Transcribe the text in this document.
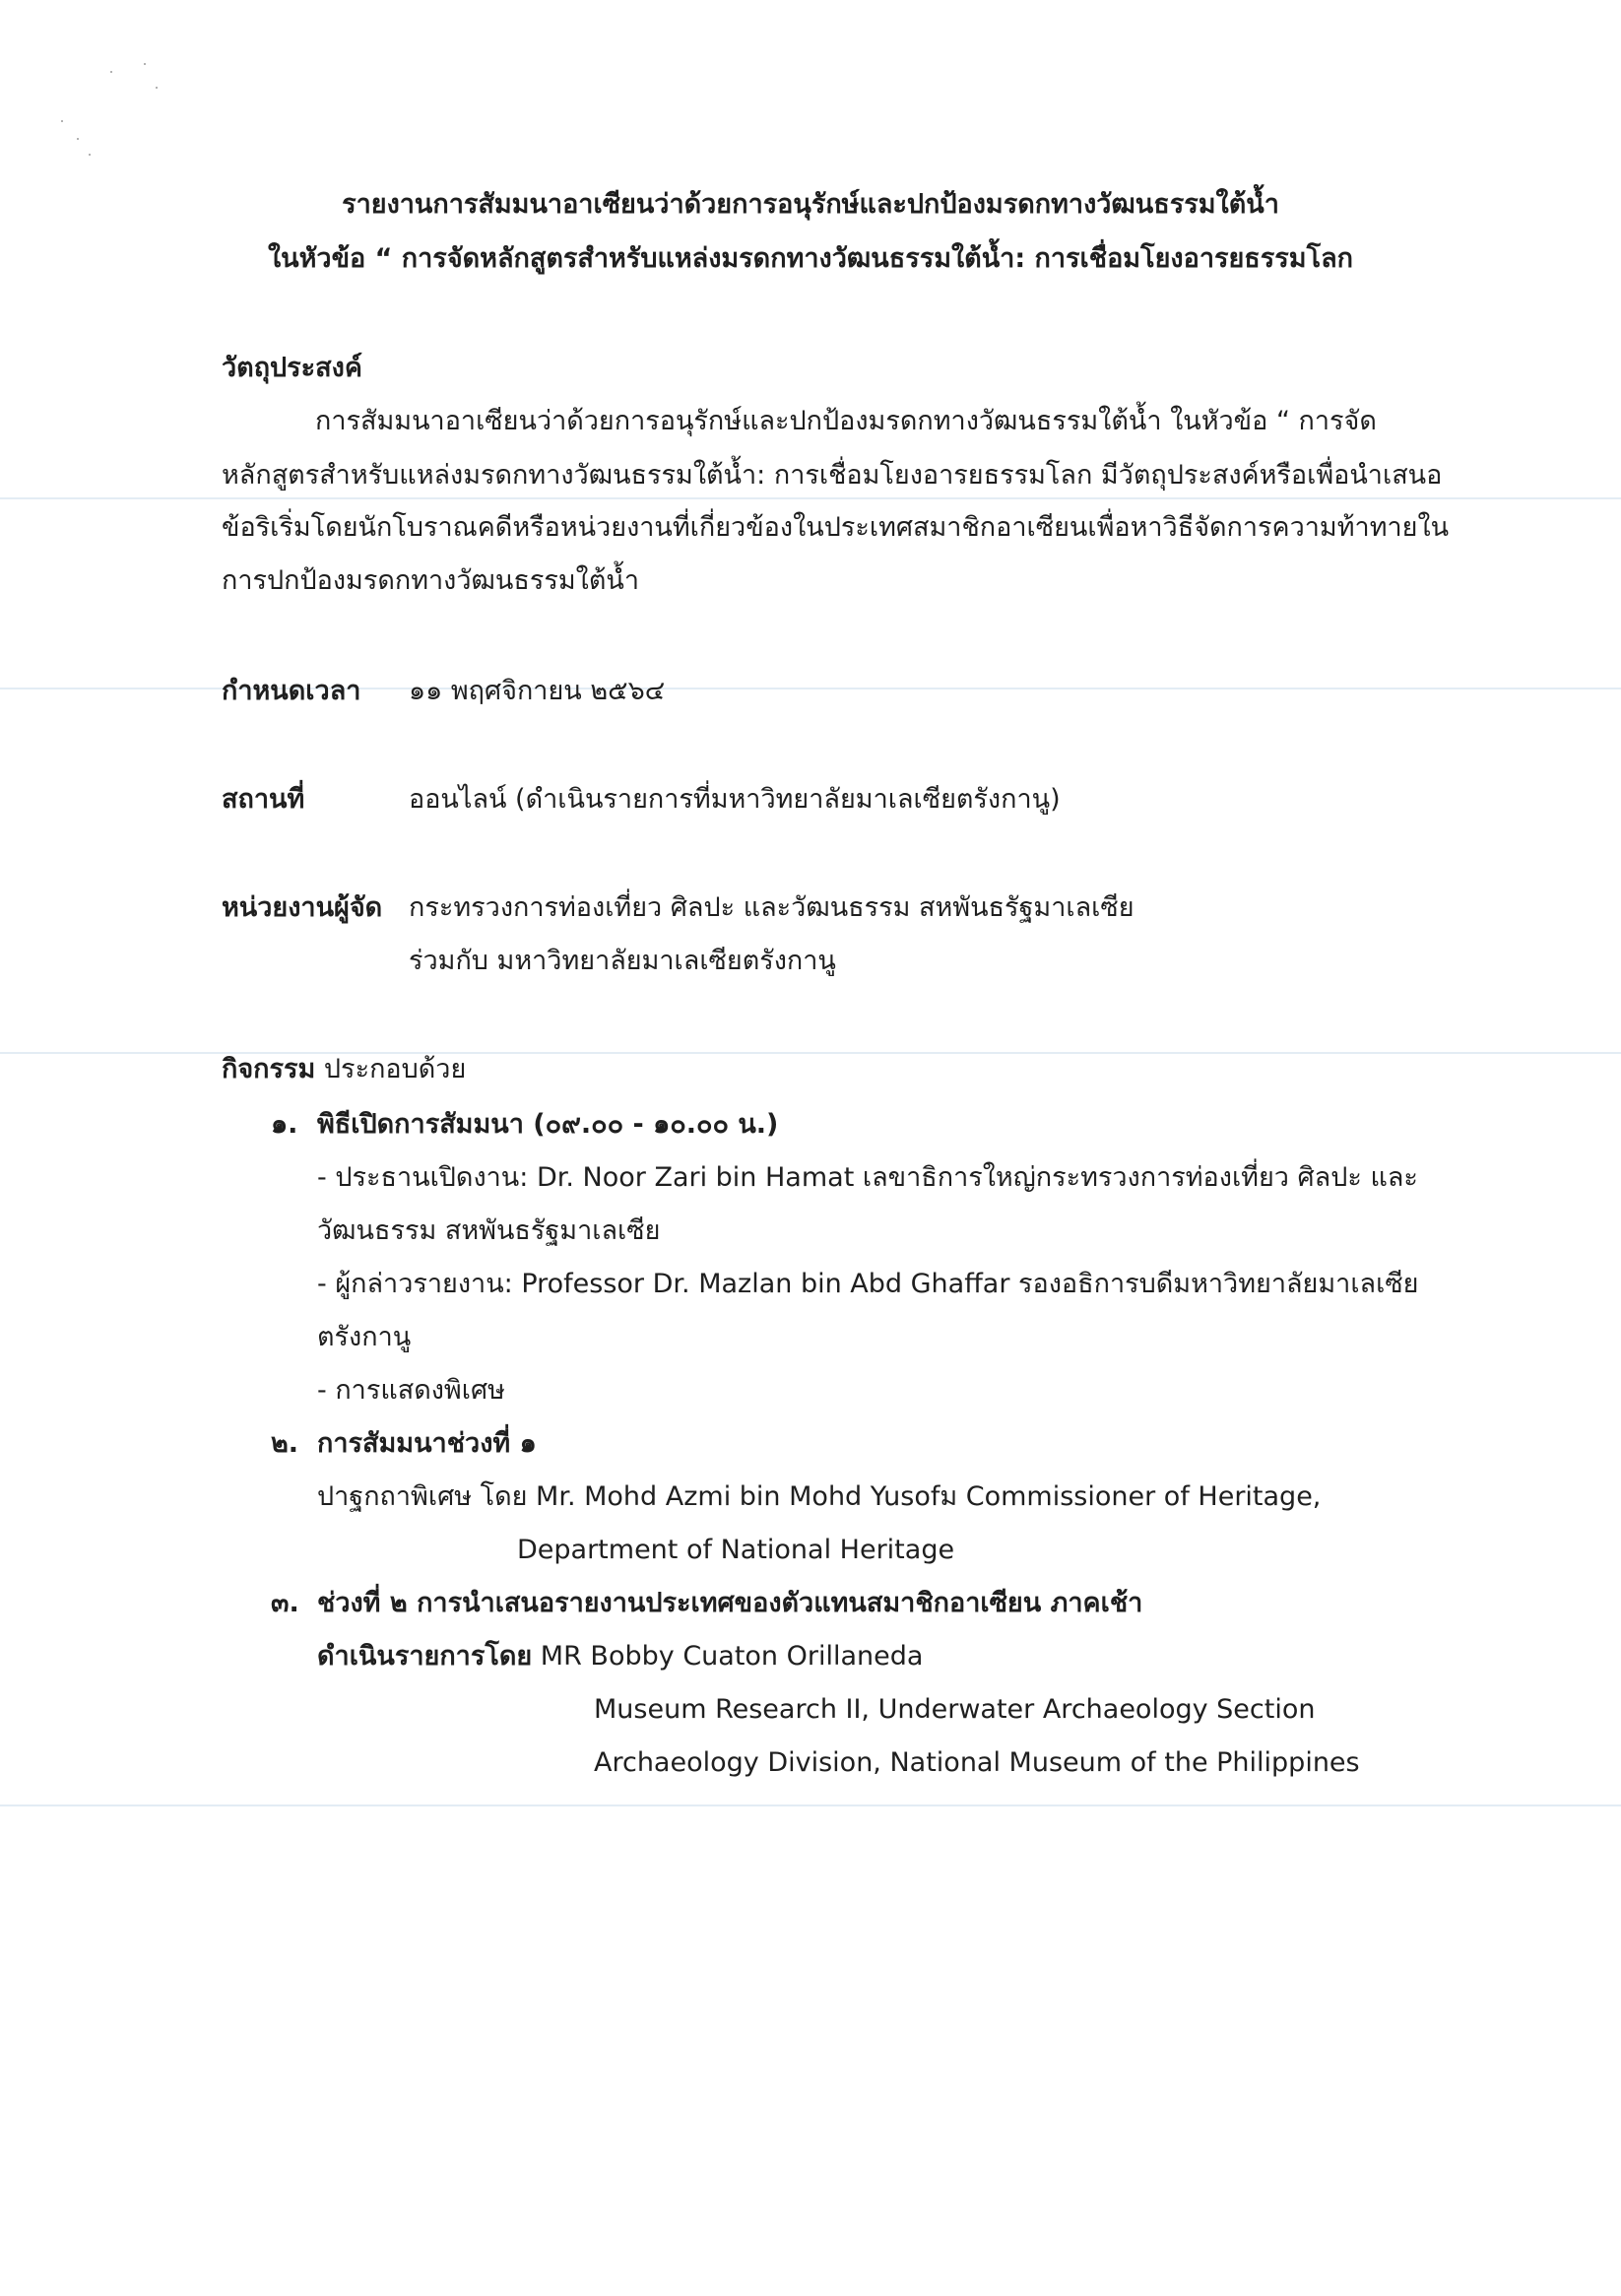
รายงานการสัมมนาอาเซียนว่าด้วยการอนุรักษ์และปกป้องมรดกทางวัฒนธรรมใต้น้ำ
ในหัวข้อ “ การจัดหลักสูตรสำหรับแหล่งมรดกทางวัฒนธรรมใต้น้ำ: การเชื่อมโยงอารยธรรมโลก
วัตถุประสงค์
การสัมมนาอาเซียนว่าด้วยการอนุรักษ์และปกป้องมรดกทางวัฒนธรรมใต้น้ำ ในหัวข้อ “ การจัด
หลักสูตรสำหรับแหล่งมรดกทางวัฒนธรรมใต้น้ำ: การเชื่อมโยงอารยธรรมโลก มีวัตถุประสงค์หรือเพื่อนำเสนอ
ข้อริเริ่มโดยนักโบราณคดีหรือหน่วยงานที่เกี่ยวข้องในประเทศสมาชิกอาเซียนเพื่อหาวิธีจัดการความท้าทายใน
การปกป้องมรดกทางวัฒนธรรมใต้น้ำ
กำหนดเวลา ๑๑ พฤศจิกายน ๒๕๖๔
สถานที่	ออนไลน์ (ดำเนินรายการที่มหาวิทยาลัยมาเลเซียตรังกานู)
หน่วยงานผู้จัด กระทรวงการท่องเที่ยว ศิลปะ และวัฒนธรรม สหพันธรัฐมาเลเซีย
ร่วมกับ มหาวิทยาลัยมาเลเซียตรังกานู
กิจกรรม ประกอบด้วย
๑. พิธีเปิดการสัมมนา (๐๙.๐๐ - ๑๐.๐๐ น.)
- ประธานเปิดงาน: Dr. Noor Zari bin Hamat เลขาธิการใหญ่กระทรวงการท่องเที่ยว ศิลปะ และ
วัฒนธรรม สหพันธรัฐมาเลเซีย
- ผู้กล่าวรายงาน: Professor Dr. Mazlan bin Abd Ghaffar รองอธิการบดีมหาวิทยาลัยมาเลเซีย
ตรังกานู
- การแสดงพิเศษ
๒. การสัมมนาช่วงที่ ๑
ปาฐกถาพิเศษ โดย Mr. Mohd Azmi bin Mohd Yusofม Commissioner of Heritage,
Department of National Heritage
๓. ช่วงที่ ๒ การนำเสนอรายงานประเทศของตัวแทนสมาชิกอาเซียน ภาคเช้า
ดำเนินรายการโดย MR Bobby Cuaton Orillaneda
Museum Research II, Underwater Archaeology Section
Archaeology Division, National Museum of the Philippines
